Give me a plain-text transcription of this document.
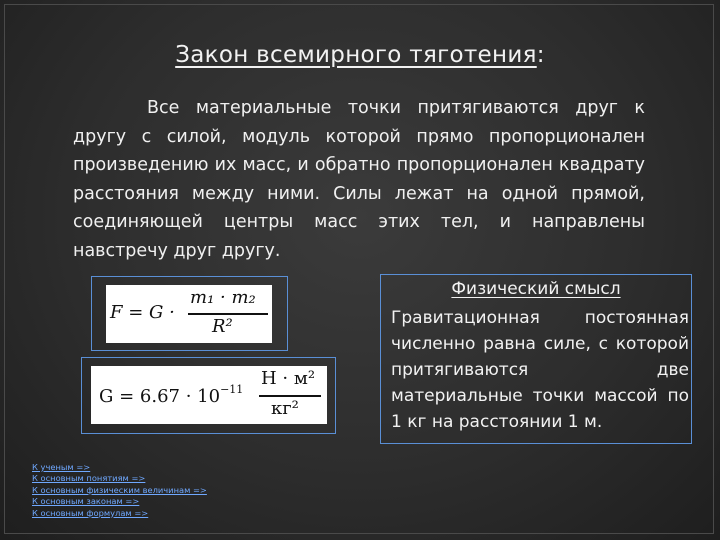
Закон всемирного тяготения:
Все материальные точки притягиваются друг к другу с силой, модуль которой прямо пропорционален произведению их масс, и обратно пропорционален квадрату расстояния между ними. Силы лежат на одной прямой, соединяющей центры масс этих тел, и направлены навстречу друг другу.
F = G ·
m₁ · m₂
R²
$G = 6.67 \cdot 10^{-11}$
Н · м²
кг²
Физический смысл
Гравитационная постоянная численно равна силе, с которой притягиваются две материальные точки массой по 1 кг на расстоянии 1 м.
К ученым =>
К основным понятиям =>
К основным физическим величинам =>
К основным законам =>
К основным формулам =>
